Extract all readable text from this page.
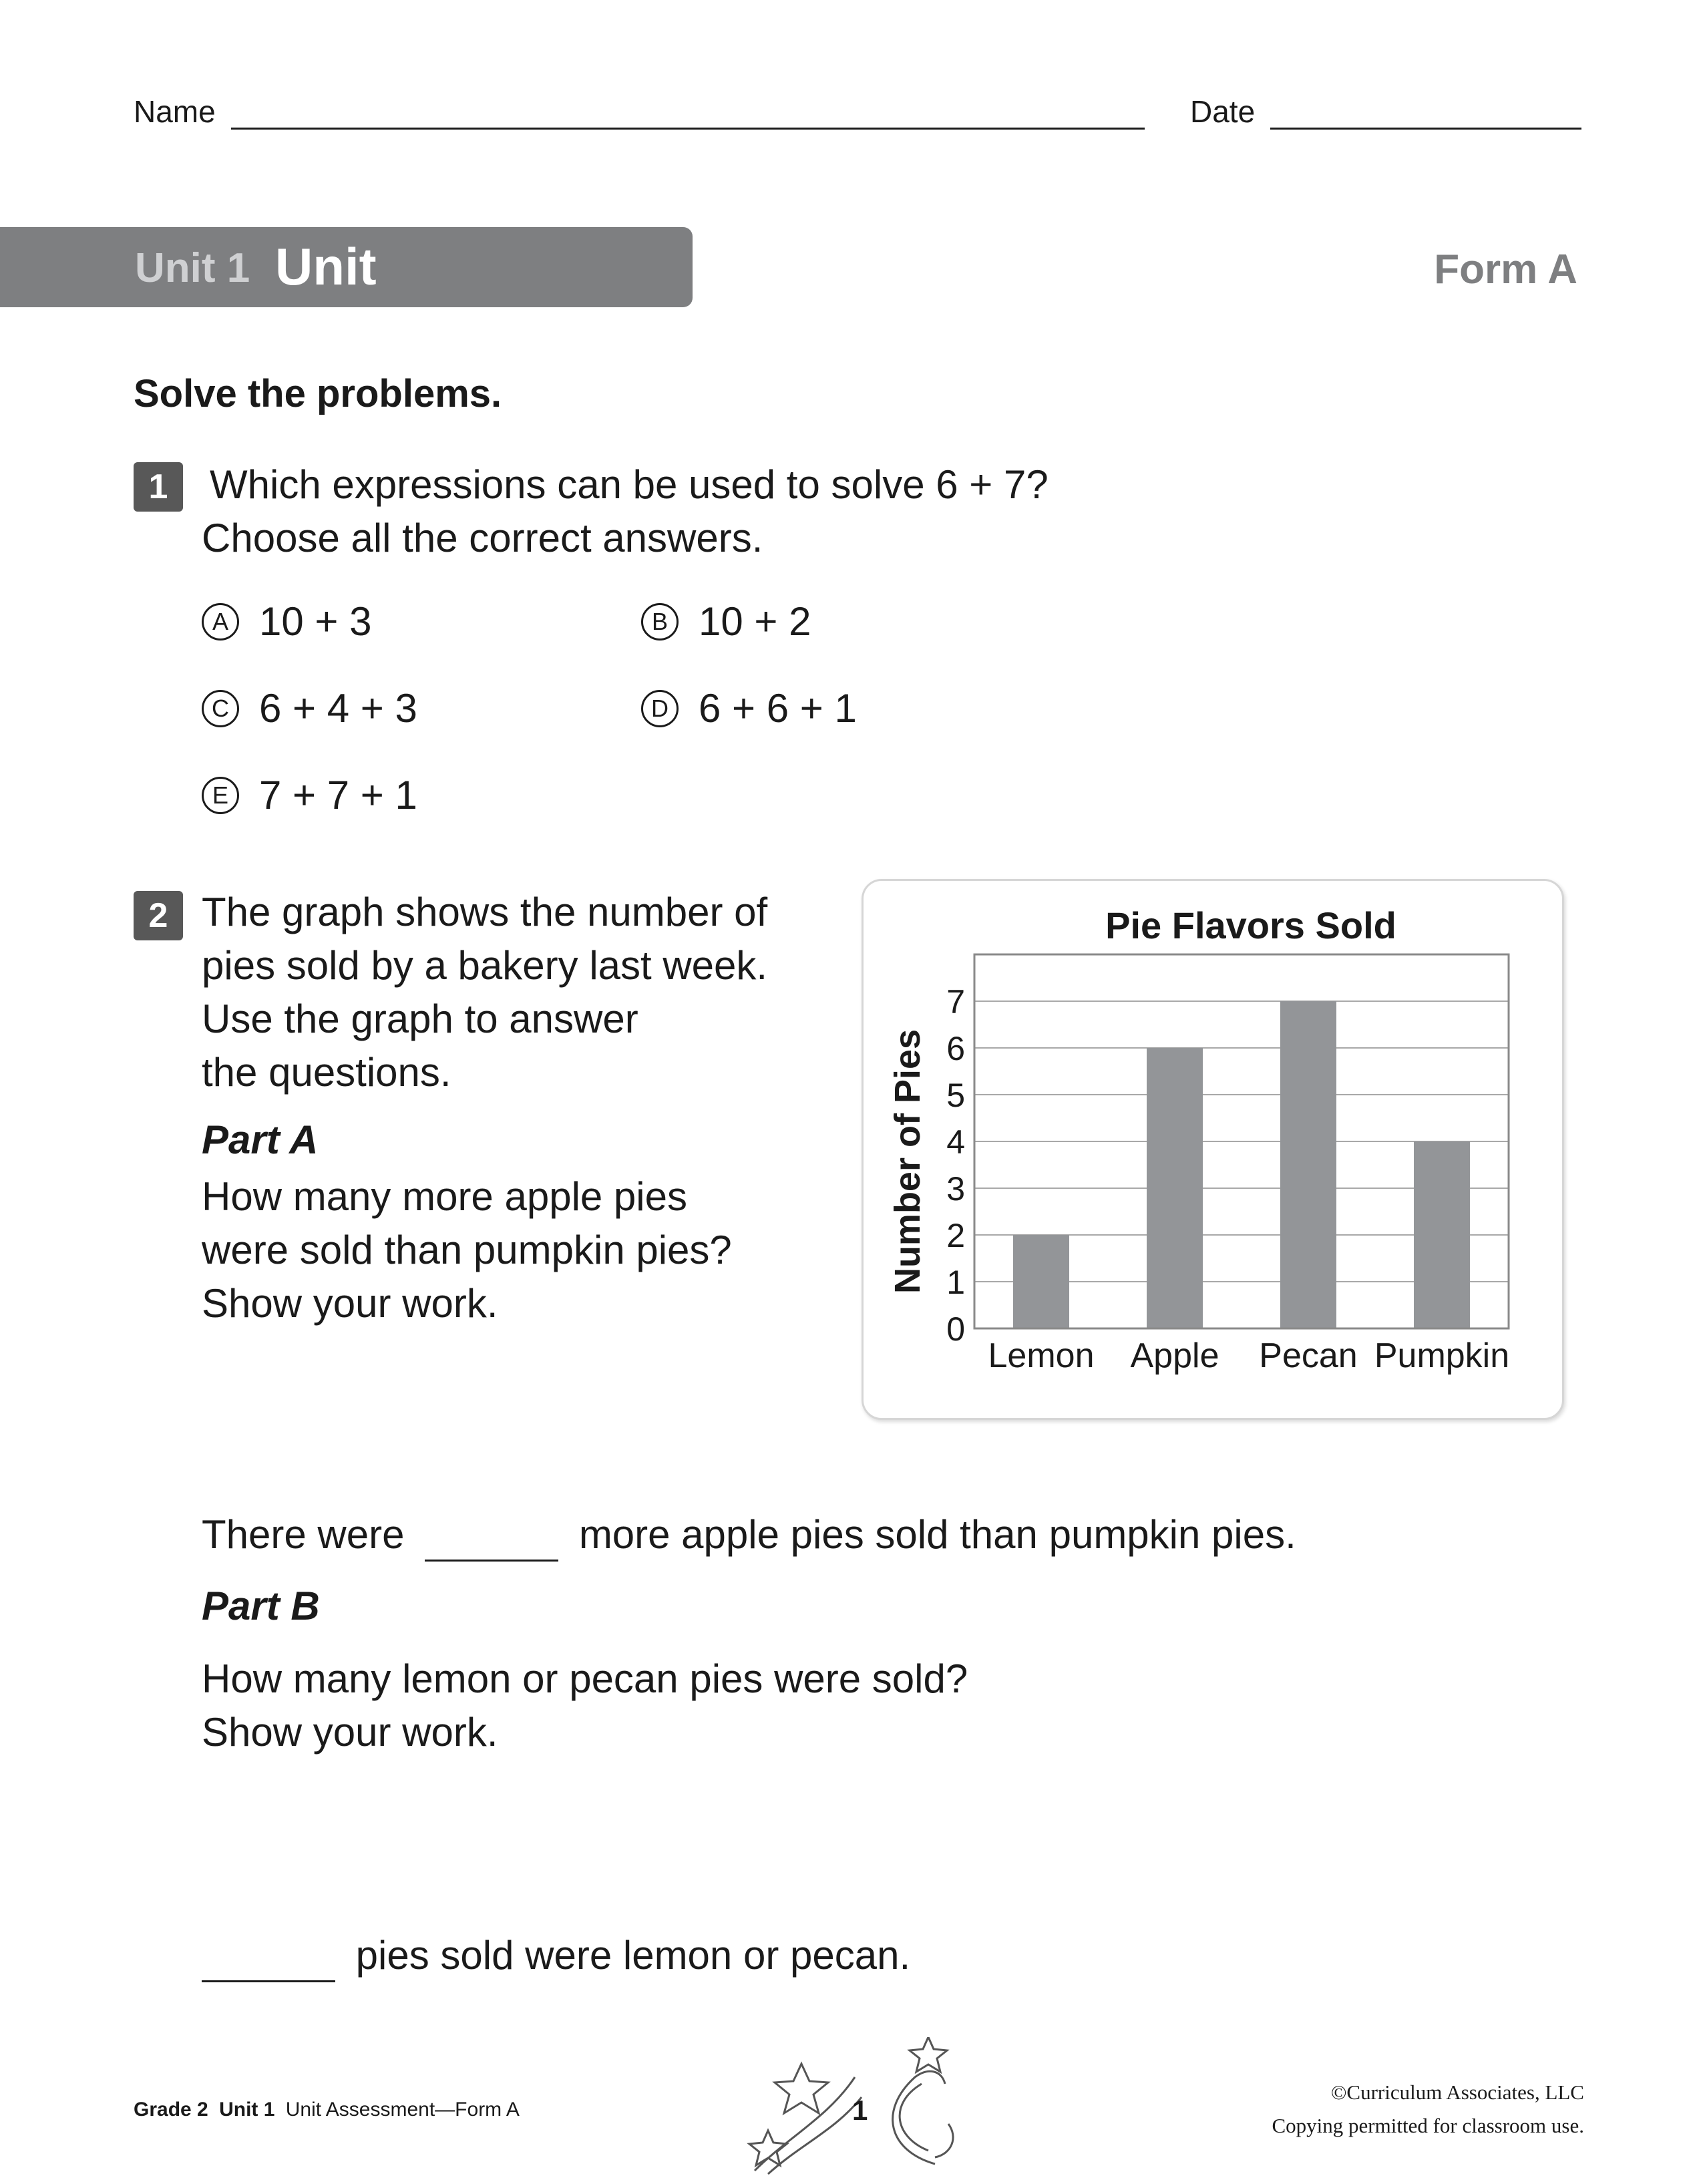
Name	Date
Unit 1 Unit Assessment
Form A
Solve the problems.
1	Which expressions can be used to solve 6 + 7?
Choose all the correct answers.
A 10 + 3	B 10 + 2
C 6 + 4 + 3	D 6 + 6 + 1
E 7 + 7 + 1
2 The graph shows the number of
pies sold by a bakery last week.
Use the graph to answer
the questions.
Part A
How many more apple pies
were sold than pumpkin pies?
Show your work.
Pie Flavors Sold
Number of Pies
0
1
2
3
4
5
6
7
Lemon Apple Pecan Pumpkin
There were	more apple pies sold than pumpkin pies.
Part B
How many lemon or pecan pies were sold?
Show your work.
pies sold were lemon or pecan.
Grade 2 Unit 1 Unit Assessment—Form A	1
©Curriculum Associates, LLC
Copying permitted for classroom use.
